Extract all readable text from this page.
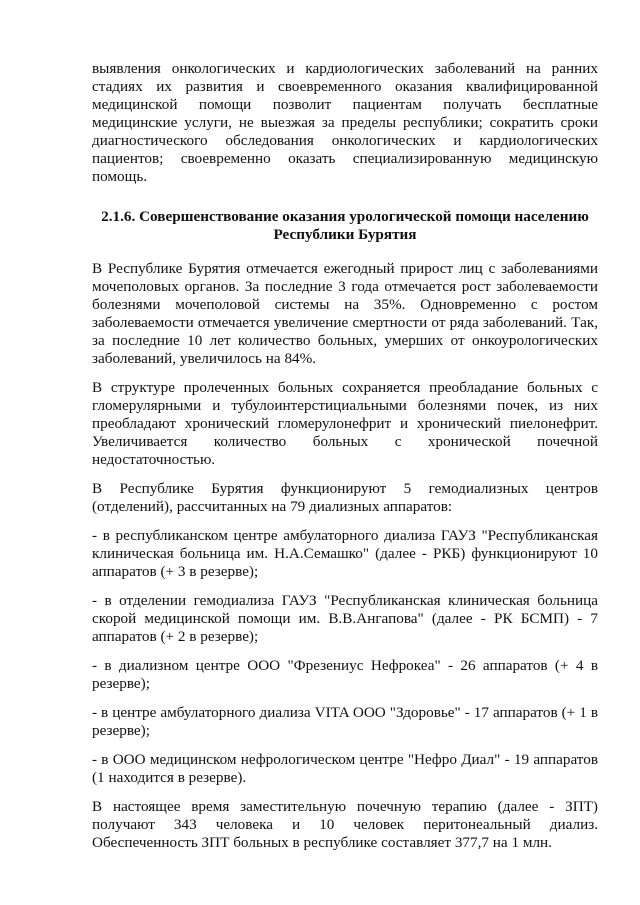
выявления онкологических и кардиологических заболеваний на ранних стадиях их развития и своевременного оказания квалифицированной медицинской помощи позволит пациентам получать бесплатные медицинские услуги, не выезжая за пределы республики; сократить сроки диагностического обследования онкологических и кардиологических пациентов; своевременно оказать специализированную медицинскую помощь.

2.1.6. Совершенствование оказания урологической помощи населению Республики Бурятия

В Республике Бурятия отмечается ежегодный прирост лиц с заболеваниями мочеполовых органов. За последние 3 года отмечается рост заболеваемости болезнями мочеполовой системы на 35%. Одновременно с ростом заболеваемости отмечается увеличение смертности от ряда заболеваний. Так, за последние 10 лет количество больных, умерших от онкоурологических заболеваний, увеличилось на 84%.

В структуре пролеченных больных сохраняется преобладание больных с гломерулярными и тубулоинтерстициальными болезнями почек, из них преобладают хронический гломерулонефрит и хронический пиелонефрит. Увеличивается количество больных с хронической почечной недостаточностью.

В Республике Бурятия функционируют 5 гемодиализных центров (отделений), рассчитанных на 79 диализных аппаратов:

- в республиканском центре амбулаторного диализа ГАУЗ "Республиканская клиническая больница им. Н.А.Семашко" (далее - РКБ) функционируют 10 аппаратов (+ 3 в резерве);

- в отделении гемодиализа ГАУЗ "Республиканская клиническая больница скорой медицинской помощи им. В.В.Ангапова" (далее - РК БСМП) - 7 аппаратов (+ 2 в резерве);

- в диализном центре ООО "Фрезениус Нефрокеа" - 26 аппаратов (+ 4 в резерве);

- в центре амбулаторного диализа VITA ООО "Здоровье" - 17 аппаратов (+ 1 в резерве);

- в ООО медицинском нефрологическом центре "Нефро Диал" - 19 аппаратов (1 находится в резерве).

В настоящее время заместительную почечную терапию (далее - ЗПТ) получают 343 человека и 10 человек перитонеальный диализ. Обеспеченность ЗПТ больных в республике составляет 377,7 на 1 млн.
